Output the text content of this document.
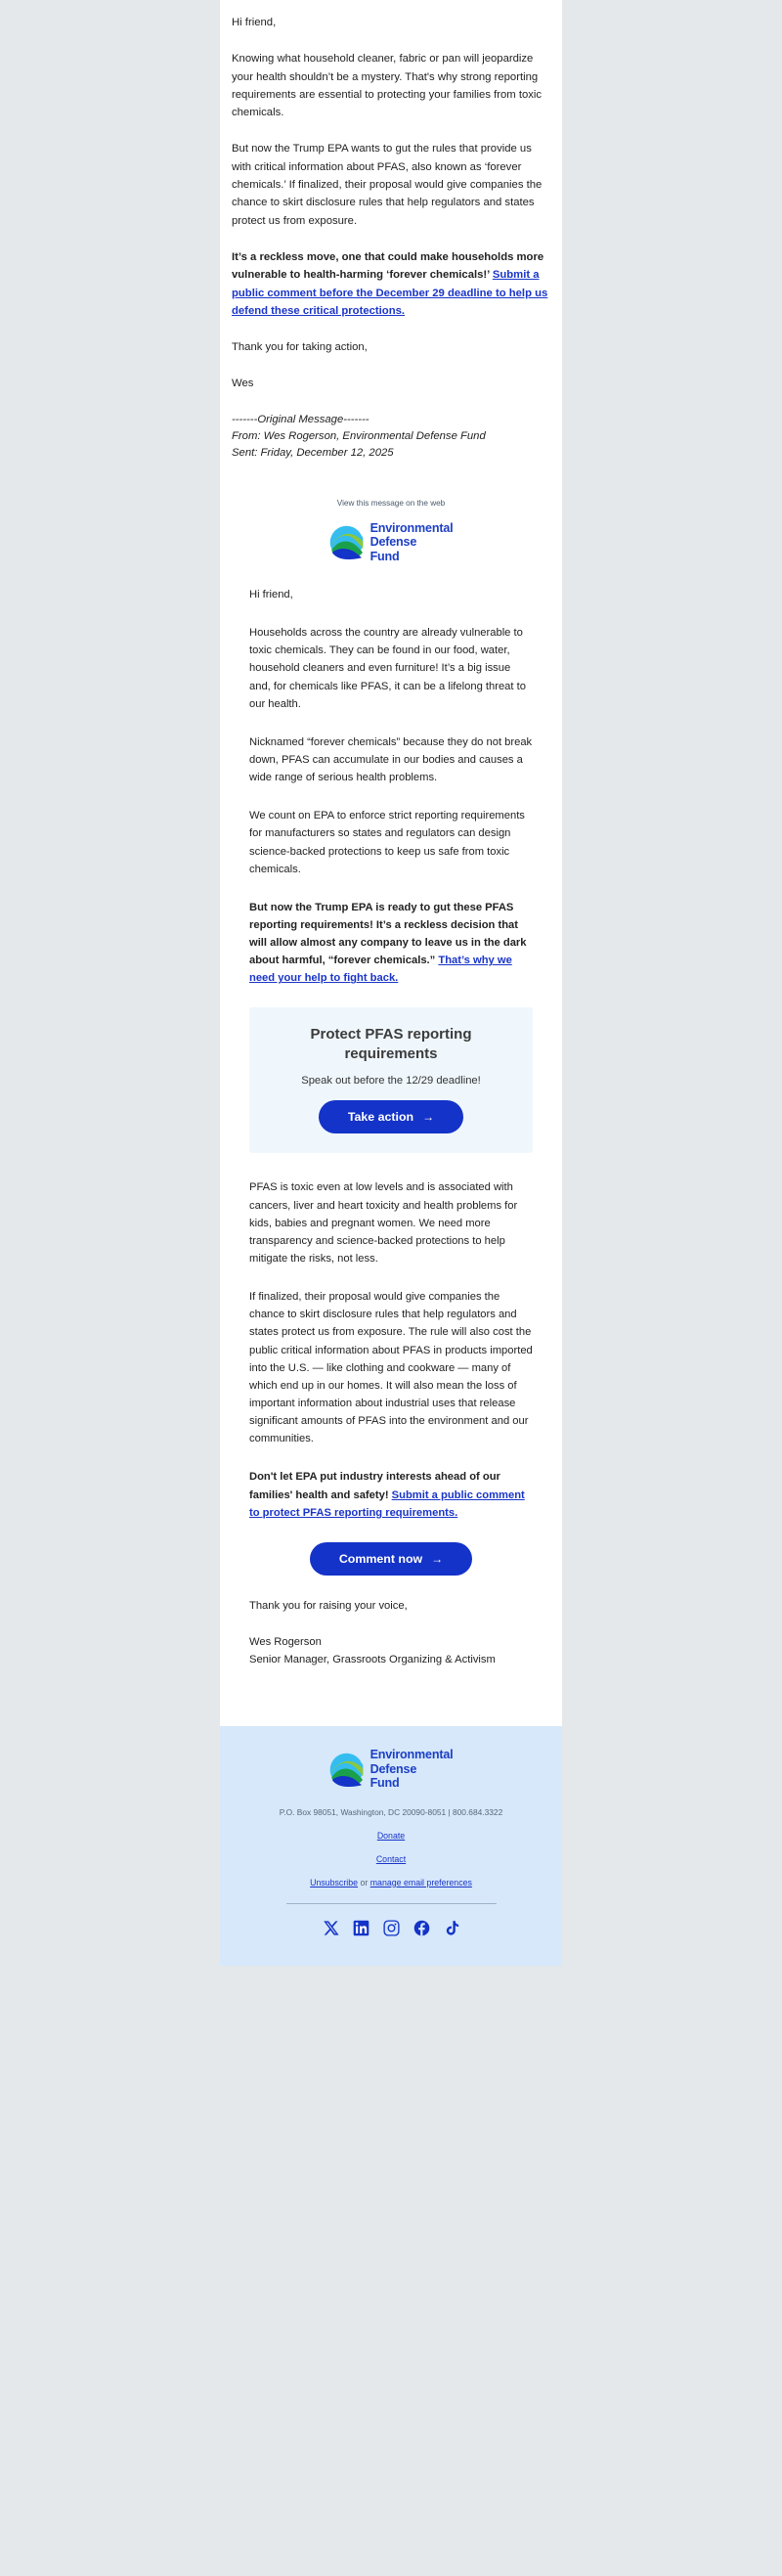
Hi friend,

Knowing what household cleaner, fabric or pan will jeopardize your health shouldn’t be a mystery. That's why strong reporting requirements are essential to protecting your families from toxic chemicals.

But now the Trump EPA wants to gut the rules that provide us with critical information about PFAS, also known as ‘forever chemicals.’ If finalized, their proposal would give companies the chance to skirt disclosure rules that help regulators and states protect us from exposure.

It’s a reckless move, one that could make households more vulnerable to health-harming ‘forever chemicals!’ Submit a public comment before the December 29 deadline to help us defend these critical protections.

Thank you for taking action,

Wes

-------Original Message-------
From: Wes Rogerson, Environmental Defense Fund
Sent: Friday, December 12, 2025
View this message on the web
Environmental
Defense
Fund

Hi friend,

Households across the country are already vulnerable to toxic chemicals. They can be found in our food, water, household cleaners and even furniture! It’s a big issue and, for chemicals like PFAS, it can be a lifelong threat to our health.

Nicknamed “forever chemicals” because they do not break down, PFAS can accumulate in our bodies and causes a wide range of serious health problems.

We count on EPA to enforce strict reporting requirements for manufacturers so states and regulators can design science-backed protections to keep us safe from toxic chemicals.

But now the Trump EPA is ready to gut these PFAS reporting requirements! It’s a reckless decision that will allow almost any company to leave us in the dark about harmful, “forever chemicals.” That’s why we need your help to fight back.

Protect PFAS reporting requirements
Speak out before the 12/29 deadline!
Take action →

PFAS is toxic even at low levels and is associated with cancers, liver and heart toxicity and health problems for kids, babies and pregnant women. We need more transparency and science-backed protections to help mitigate the risks, not less.

If finalized, their proposal would give companies the chance to skirt disclosure rules that help regulators and states protect us from exposure. The rule will also cost the public critical information about PFAS in products imported into the U.S. — like clothing and cookware — many of which end up in our homes. It will also mean the loss of important information about industrial uses that release significant amounts of PFAS into the environment and our communities.

Don't let EPA put industry interests ahead of our families' health and safety! Submit a public comment to protect PFAS reporting requirements.

Comment now →

Thank you for raising your voice,

Wes Rogerson
Senior Manager, Grassroots Organizing & Activism

Environmental
Defense
Fund
P.O. Box 98051, Washington, DC 20090-8051 | 800.684.3322
Donate
Contact
Unsubscribe or manage email preferences
